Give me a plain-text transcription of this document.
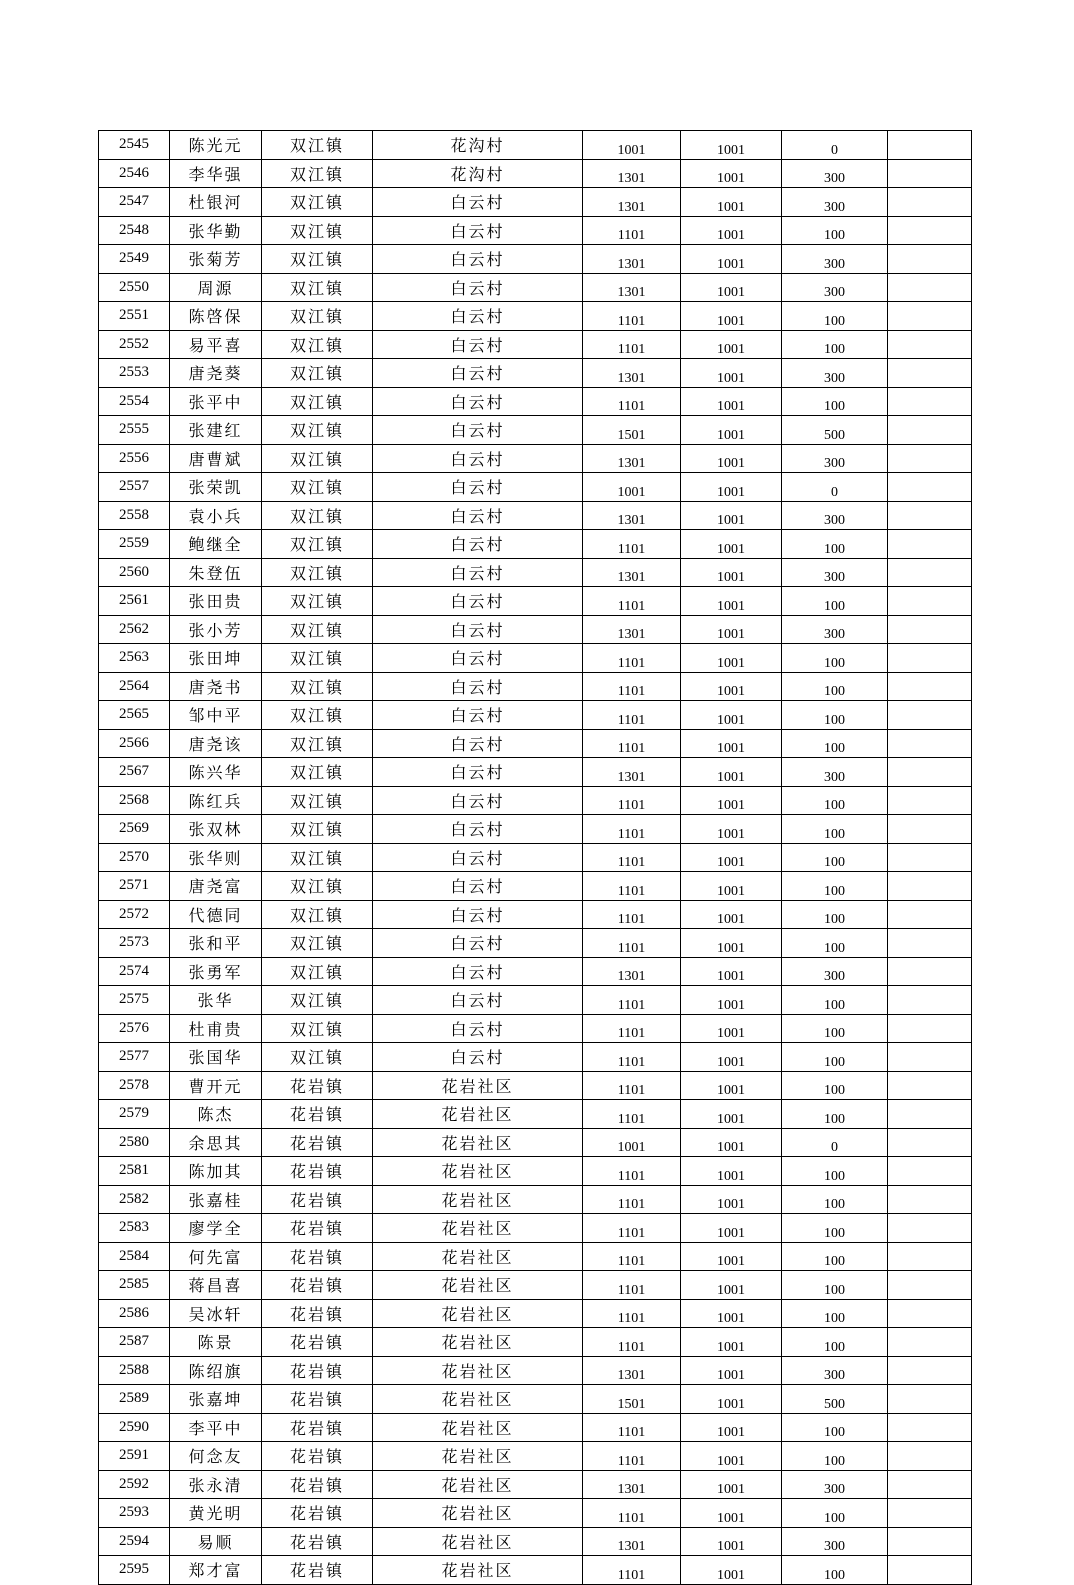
2545	陈光元	双江镇	花沟村	1001	1001	0	
2546	李华强	双江镇	花沟村	1301	1001	300	
2547	杜银河	双江镇	白云村	1301	1001	300	
2548	张华勤	双江镇	白云村	1101	1001	100	
2549	张菊芳	双江镇	白云村	1301	1001	300	
2550	周源	双江镇	白云村	1301	1001	300	
2551	陈啓保	双江镇	白云村	1101	1001	100	
2552	易平喜	双江镇	白云村	1101	1001	100	
2553	唐尧葵	双江镇	白云村	1301	1001	300	
2554	张平中	双江镇	白云村	1101	1001	100	
2555	张建红	双江镇	白云村	1501	1001	500	
2556	唐曹斌	双江镇	白云村	1301	1001	300	
2557	张荣凯	双江镇	白云村	1001	1001	0	
2558	袁小兵	双江镇	白云村	1301	1001	300	
2559	鲍继全	双江镇	白云村	1101	1001	100	
2560	朱登伍	双江镇	白云村	1301	1001	300	
2561	张田贵	双江镇	白云村	1101	1001	100	
2562	张小芳	双江镇	白云村	1301	1001	300	
2563	张田坤	双江镇	白云村	1101	1001	100	
2564	唐尧书	双江镇	白云村	1101	1001	100	
2565	邹中平	双江镇	白云村	1101	1001	100	
2566	唐尧该	双江镇	白云村	1101	1001	100	
2567	陈兴华	双江镇	白云村	1301	1001	300	
2568	陈红兵	双江镇	白云村	1101	1001	100	
2569	张双林	双江镇	白云村	1101	1001	100	
2570	张华则	双江镇	白云村	1101	1001	100	
2571	唐尧富	双江镇	白云村	1101	1001	100	
2572	代德同	双江镇	白云村	1101	1001	100	
2573	张和平	双江镇	白云村	1101	1001	100	
2574	张勇军	双江镇	白云村	1301	1001	300	
2575	张华	双江镇	白云村	1101	1001	100	
2576	杜甫贵	双江镇	白云村	1101	1001	100	
2577	张国华	双江镇	白云村	1101	1001	100	
2578	曹开元	花岩镇	花岩社区	1101	1001	100	
2579	陈杰	花岩镇	花岩社区	1101	1001	100	
2580	余思其	花岩镇	花岩社区	1001	1001	0	
2581	陈加其	花岩镇	花岩社区	1101	1001	100	
2582	张嘉桂	花岩镇	花岩社区	1101	1001	100	
2583	廖学全	花岩镇	花岩社区	1101	1001	100	
2584	何先富	花岩镇	花岩社区	1101	1001	100	
2585	蒋昌喜	花岩镇	花岩社区	1101	1001	100	
2586	吴冰轩	花岩镇	花岩社区	1101	1001	100	
2587	陈景	花岩镇	花岩社区	1101	1001	100	
2588	陈绍旗	花岩镇	花岩社区	1301	1001	300	
2589	张嘉坤	花岩镇	花岩社区	1501	1001	500	
2590	李平中	花岩镇	花岩社区	1101	1001	100	
2591	何念友	花岩镇	花岩社区	1101	1001	100	
2592	张永清	花岩镇	花岩社区	1301	1001	300	
2593	黄光明	花岩镇	花岩社区	1101	1001	100	
2594	易顺	花岩镇	花岩社区	1301	1001	300	
2595	郑才富	花岩镇	花岩社区	1101	1001	100	
